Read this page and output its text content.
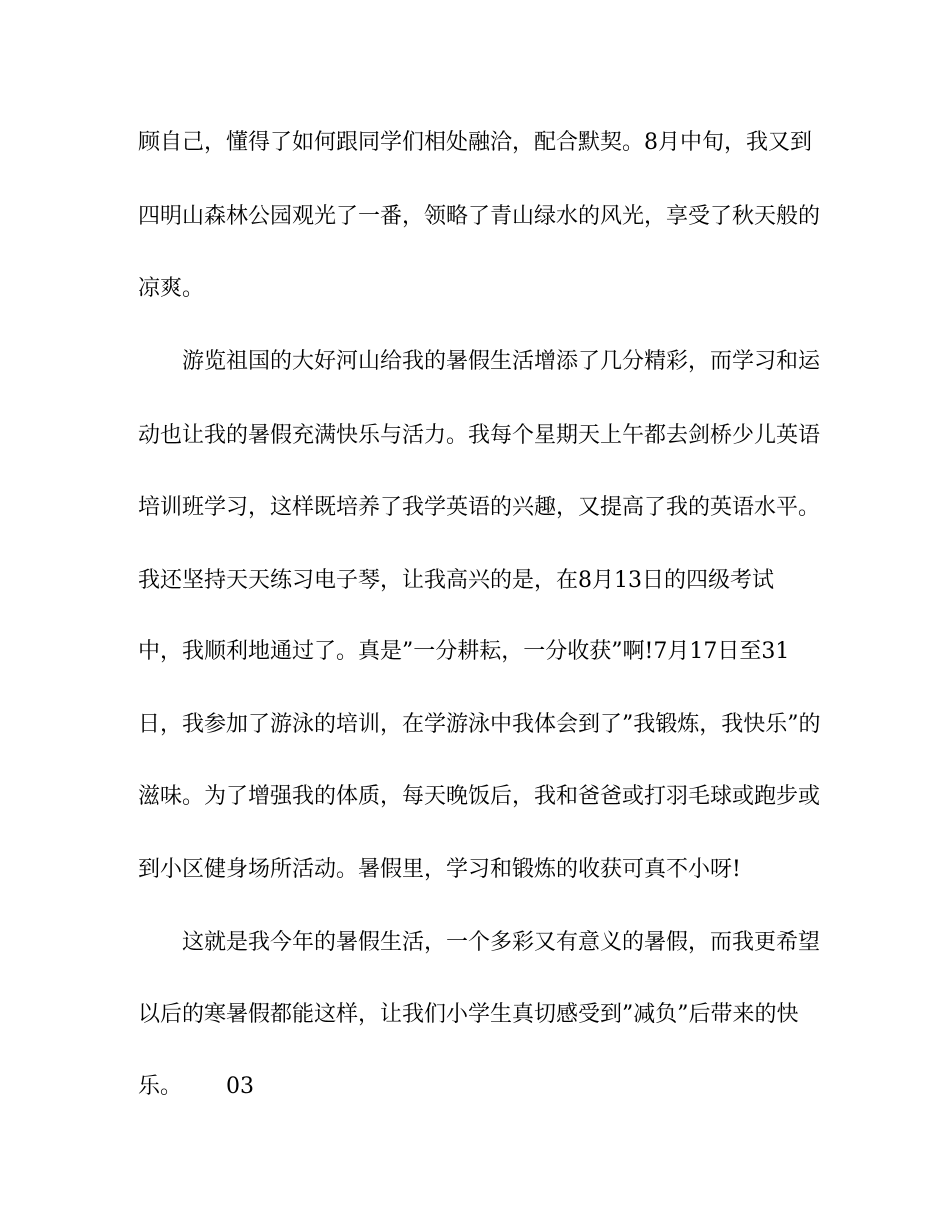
顾自己，懂得了如何跟同学们相处融洽，配合默契。8月中旬，我又到
四明山森林公园观光了一番，领略了青山绿水的风光，享受了秋天般的
凉爽。
游览祖国的大好河山给我的暑假生活增添了几分精彩，而学习和运
动也让我的暑假充满快乐与活力。我每个星期天上午都去剑桥少儿英语
培训班学习，这样既培养了我学英语的兴趣，又提高了我的英语水平。
我还坚持天天练习电子琴，让我高兴的是，在8月13日的四级考试
中，我顺利地通过了。真是”一分耕耘，一分收获”啊!7月17日至31
日，我参加了游泳的培训，在学游泳中我体会到了”我锻炼，我快乐”的
滋味。为了增强我的体质，每天晚饭后，我和爸爸或打羽毛球或跑步或
到小区健身场所活动。暑假里，学习和锻炼的收获可真不小呀!
这就是我今年的暑假生活，一个多彩又有意义的暑假，而我更希望
以后的寒暑假都能这样，让我们小学生真切感受到”减负”后带来的快
乐。	03
